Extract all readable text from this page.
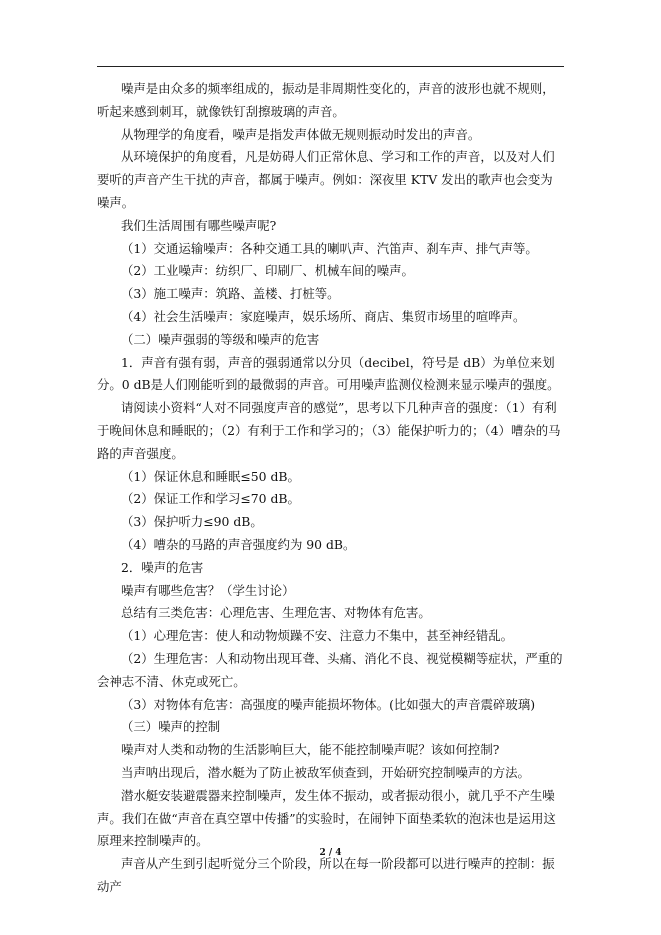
噪声是由众多的频率组成的，振动是非周期性变化的，声音的波形也就不规则，听起来感到刺耳，就像铁钉刮擦玻璃的声音。

从物理学的角度看，噪声是指发声体做无规则振动时发出的声音。

从环境保护的角度看，凡是妨碍人们正常休息、学习和工作的声音，以及对人们要听的声音产生干扰的声音，都属于噪声。例如：深夜里 KTV 发出的歌声也会变为噪声。

我们生活周围有哪些噪声呢?

（1）交通运输噪声：各种交通工具的喇叭声、汽笛声、刹车声、排气声等。

（2）工业噪声：纺织厂、印刷厂、机械车间的噪声。

（3）施工噪声：筑路、盖楼、打桩等。

（4）社会生活噪声：家庭噪声，娱乐场所、商店、集贸市场里的喧哗声。

（二）噪声强弱的等级和噪声的危害

1．声音有强有弱，声音的强弱通常以分贝（decibel，符号是 dB）为单位来划分。0 dB是人们刚能听到的最微弱的声音。可用噪声监测仪检测来显示噪声的强度。

请阅读小资料“人对不同强度声音的感觉”，思考以下几种声音的强度：（1）有利于晚间休息和睡眠的；（2）有利于工作和学习的；（3）能保护听力的；（4）嘈杂的马路的声音强度。

（1）保证休息和睡眠≤50 dB。

（2）保证工作和学习≤70 dB。

（3）保护听力≤90 dB。

（4）嘈杂的马路的声音强度约为 90 dB。

2．噪声的危害

噪声有哪些危害？（学生讨论）

总结有三类危害：心理危害、生理危害、对物体有危害。

（1）心理危害：使人和动物烦躁不安、注意力不集中，甚至神经错乱。

（2）生理危害：人和动物出现耳聋、头痛、消化不良、视觉模糊等症状，严重的会神志不清、休克或死亡。

（3）对物体有危害：高强度的噪声能损坏物体。(比如强大的声音震碎玻璃)

（三）噪声的控制

噪声对人类和动物的生活影响巨大，能不能控制噪声呢？该如何控制?

当声呐出现后，潜水艇为了防止被敌军侦查到，开始研究控制噪声的方法。

潜水艇安装避震器来控制噪声，发生体不振动，或者振动很小，就几乎不产生噪声。我们在做“声音在真空罩中传播”的实验时，在闹钟下面垫柔软的泡沫也是运用这原理来控制噪声的。

声音从产生到引起听觉分三个阶段，所以在每一阶段都可以进行噪声的控制：振动产

2 / 4
